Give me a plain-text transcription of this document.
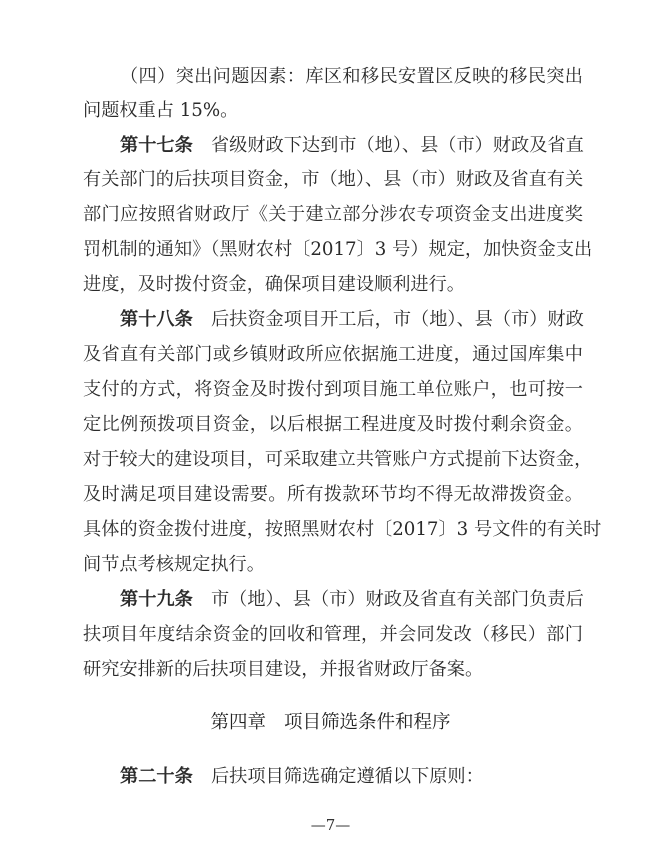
（四）突出问题因素：库区和移民安置区反映的移民突出
问题权重占 15%。
第十七条　 省级财政下达到市（地）、县（市）财政及省直
有关部门的后扶项目资金，市（地）、县（市）财政及省直有关
部门应按照省财政厅《关于建立部分涉农专项资金支出进度奖
罚机制的通知》（黑财农村〔2017〕3 号）规定，加快资金支出
进度，及时拨付资金，确保项目建设顺利进行。
第十八条　 后扶资金项目开工后，市（地）、县（市）财政
及省直有关部门或乡镇财政所应依据施工进度，通过国库集中
支付的方式，将资金及时拨付到项目施工单位账户，也可按一
定比例预拨项目资金，以后根据工程进度及时拨付剩余资金。
对于较大的建设项目，可采取建立共管账户方式提前下达资金，
及时满足项目建设需要。所有拨款环节均不得无故滞拨资金。
具体的资金拨付进度，按照黑财农村〔2017〕3 号文件的有关时
间节点考核规定执行。
第十九条　 市（地）、县（市）财政及省直有关部门负责后
扶项目年度结余资金的回收和管理，并会同发改（移民）部门
研究安排新的后扶项目建设，并报省财政厅备案。
第四章 项目筛选条件和程序
第二十条　 后扶项目筛选确定遵循以下原则：
—7—
